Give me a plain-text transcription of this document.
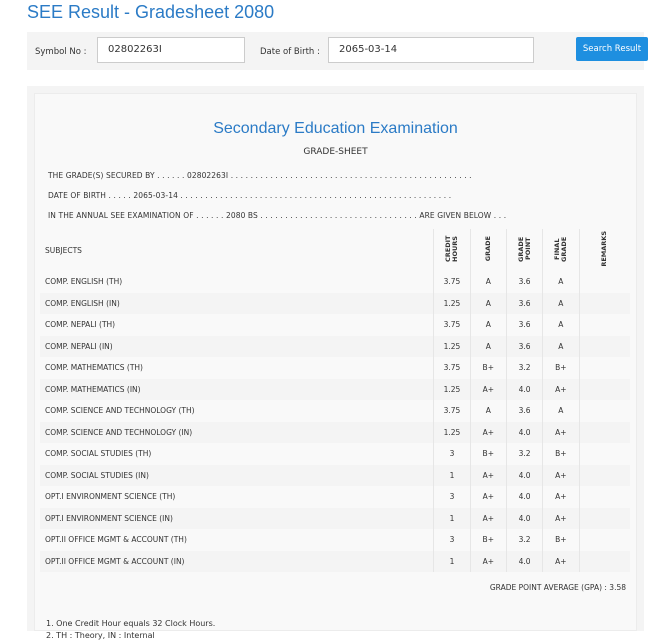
SEE Result - Gradesheet 2080
Symbol No :	02802263I	Date of Birth :	2065-03-14	Search Result
Secondary Education Examination
GRADE-SHEET
THE GRADE(S) SECURED BY . . . . . . 02802263I . . . . . . . . . . . . . . . . . . . . . . . . . . . . . . . . . . . . . . . . . . . . . . . . .
DATE OF BIRTH . . . . . 2065-03-14 . . . . . . . . . . . . . . . . . . . . . . . . . . . . . . . . . . . . . . . . . . . . . . . . . . . . . . .
IN THE ANNUAL SEE EXAMINATION OF . . . . . . 2080 BS . . . . . . . . . . . . . . . . . . . . . . . . . . . . . . . . ARE GIVEN BELOW . . .
SUBJECTS	CREDIT HOURS	GRADE	GRADE POINT	FINAL GRADE	REMARKS
COMP. ENGLISH (TH)	3.75	A	3.6	A	
COMP. ENGLISH (IN)	1.25	A	3.6	A	
COMP. NEPALI (TH)	3.75	A	3.6	A	
COMP. NEPALI (IN)	1.25	A	3.6	A	
COMP. MATHEMATICS (TH)	3.75	B+	3.2	B+	
COMP. MATHEMATICS (IN)	1.25	A+	4.0	A+	
COMP. SCIENCE AND TECHNOLOGY (TH)	3.75	A	3.6	A	
COMP. SCIENCE AND TECHNOLOGY (IN)	1.25	A+	4.0	A+	
COMP. SOCIAL STUDIES (TH)	3	B+	3.2	B+	
COMP. SOCIAL STUDIES (IN)	1	A+	4.0	A+	
OPT.I ENVIRONMENT SCIENCE (TH)	3	A+	4.0	A+	
OPT.I ENVIRONMENT SCIENCE (IN)	1	A+	4.0	A+	
OPT.II OFFICE MGMT & ACCOUNT (TH)	3	B+	3.2	B+	
OPT.II OFFICE MGMT & ACCOUNT (IN)	1	A+	4.0	A+	
GRADE POINT AVERAGE (GPA) : 3.58
1. One Credit Hour equals 32 Clock Hours.
2. TH : Theory, IN : Internal
